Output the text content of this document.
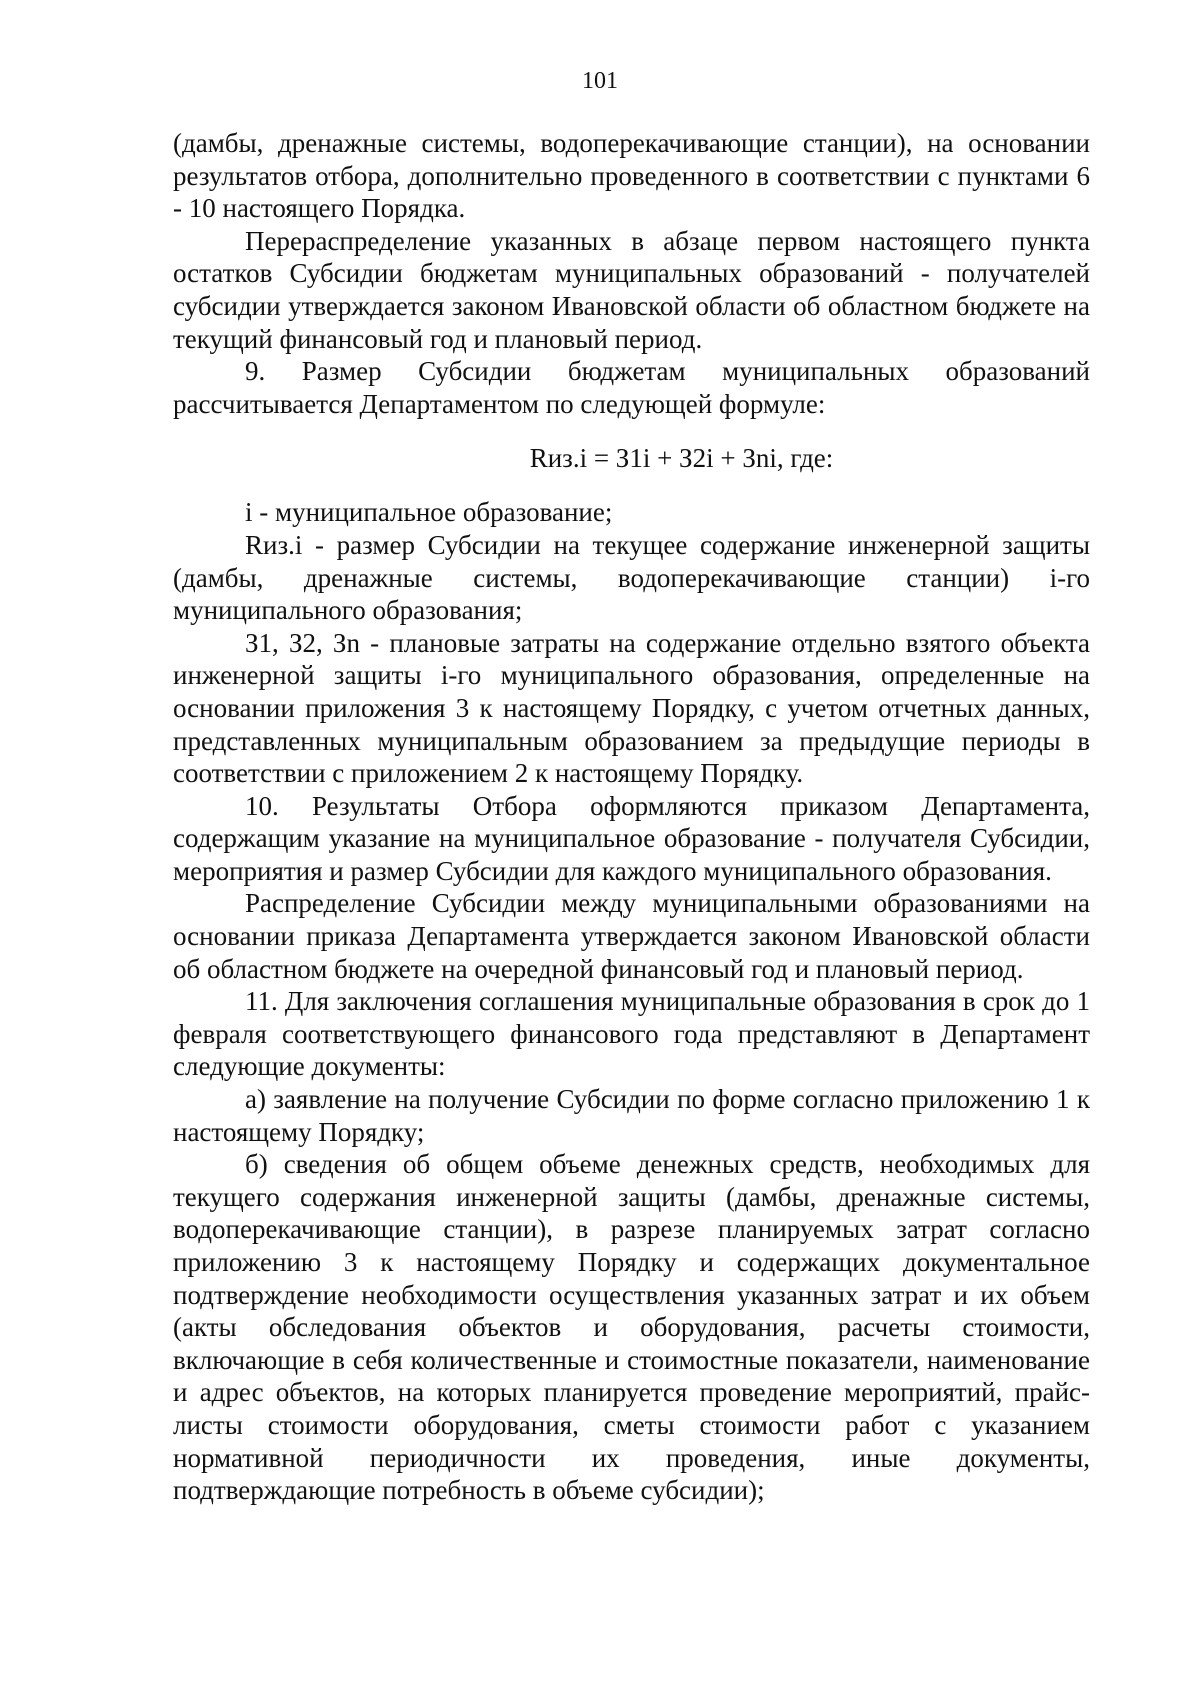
101

(дамбы, дренажные системы, водоперекачивающие станции), на основании результатов отбора, дополнительно проведенного в соответствии с пунктами 6 - 10 настоящего Порядка.

Перераспределение указанных в абзаце первом настоящего пункта остатков Субсидии бюджетам муниципальных образований - получателей субсидии утверждается законом Ивановской области об областном бюджете на текущий финансовый год и плановый период.

9. Размер Субсидии бюджетам муниципальных образований рассчитывается Департаментом по следующей формуле:

Rиз.i = З1i + З2i + Зni, где:

i - муниципальное образование;

Rиз.i - размер Субсидии на текущее содержание инженерной защиты (дамбы, дренажные системы, водоперекачивающие станции) i-го муниципального образования;

З1, З2, Зn - плановые затраты на содержание отдельно взятого объекта инженерной защиты i-го муниципального образования, определенные на основании приложения 3 к настоящему Порядку, с учетом отчетных данных, представленных муниципальным образованием за предыдущие периоды в соответствии с приложением 2 к настоящему Порядку.

10. Результаты Отбора оформляются приказом Департамента, содержащим указание на муниципальное образование - получателя Субсидии, мероприятия и размер Субсидии для каждого муниципального образования.

Распределение Субсидии между муниципальными образованиями на основании приказа Департамента утверждается законом Ивановской области об областном бюджете на очередной финансовый год и плановый период.

11. Для заключения соглашения муниципальные образования в срок до 1 февраля соответствующего финансового года представляют в Департамент следующие документы:

а) заявление на получение Субсидии по форме согласно приложению 1 к настоящему Порядку;

б) сведения об общем объеме денежных средств, необходимых для текущего содержания инженерной защиты (дамбы, дренажные системы, водоперекачивающие станции), в разрезе планируемых затрат согласно приложению 3 к настоящему Порядку и содержащих документальное подтверждение необходимости осуществления указанных затрат и их объем (акты обследования объектов и оборудования, расчеты стоимости, включающие в себя количественные и стоимостные показатели, наименование и адрес объектов, на которых планируется проведение мероприятий, прайс-листы стоимости оборудования, сметы стоимости работ с указанием нормативной периодичности их проведения, иные документы, подтверждающие потребность в объеме субсидии);
